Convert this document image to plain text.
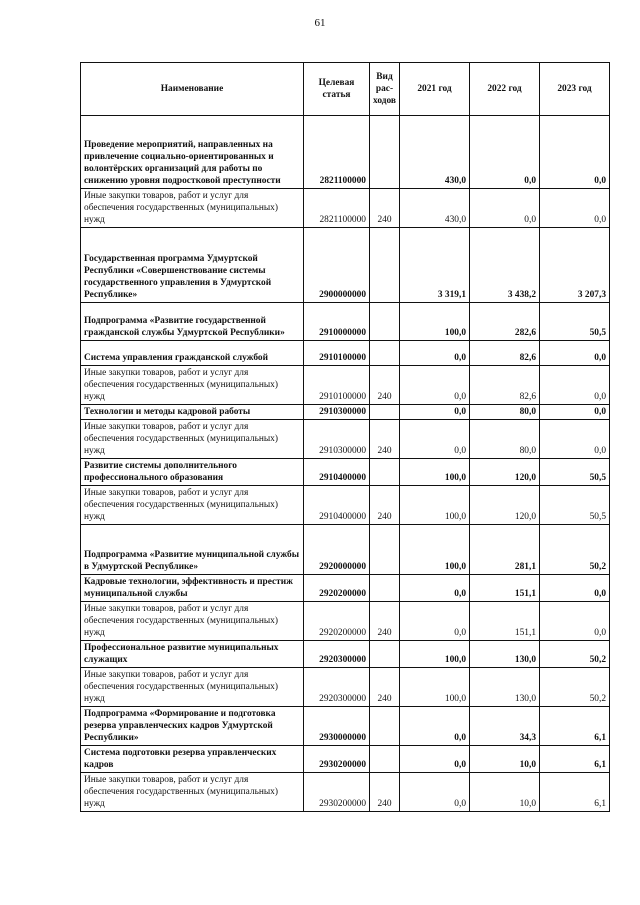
61
Наименование	Целевая статья	Вид рас-ходов	2021 год	2022 год	2023 год
Проведение мероприятий, направленных на привлечение социально-ориентированных и волонтёрских организаций для работы по снижению уровня подростковой преступности	2821100000		430,0	0,0	0,0
Иные закупки товаров, работ и услуг для обеспечения государственных (муниципальных) нужд	2821100000	240	430,0	0,0	0,0
Государственная программа Удмуртской Республики «Совершенствование системы государственного управления в Удмуртской Республике»	2900000000		3 319,1	3 438,2	3 207,3
Подпрограмма «Развитие государственной гражданской службы Удмуртской Республики»	2910000000		100,0	282,6	50,5
Система управления гражданской службой	2910100000		0,0	82,6	0,0
Иные закупки товаров, работ и услуг для обеспечения государственных (муниципальных) нужд	2910100000	240	0,0	82,6	0,0
Технологии и методы кадровой работы	2910300000		0,0	80,0	0,0
Иные закупки товаров, работ и услуг для обеспечения государственных (муниципальных) нужд	2910300000	240	0,0	80,0	0,0
Развитие системы дополнительного профессионального образования	2910400000		100,0	120,0	50,5
Иные закупки товаров, работ и услуг для обеспечения государственных (муниципальных) нужд	2910400000	240	100,0	120,0	50,5
Подпрограмма «Развитие муниципальной службы в Удмуртской Республике»	2920000000		100,0	281,1	50,2
Кадровые технологии, эффективность и престиж муниципальной службы	2920200000		0,0	151,1	0,0
Иные закупки товаров, работ и услуг для обеспечения государственных (муниципальных) нужд	2920200000	240	0,0	151,1	0,0
Профессиональное развитие муниципальных служащих	2920300000		100,0	130,0	50,2
Иные закупки товаров, работ и услуг для обеспечения государственных (муниципальных) нужд	2920300000	240	100,0	130,0	50,2
Подпрограмма «Формирование и подготовка резерва управленческих кадров Удмуртской Республики»	2930000000		0,0	34,3	6,1
Система подготовки резерва управленческих кадров	2930200000		0,0	10,0	6,1
Иные закупки товаров, работ и услуг для обеспечения государственных (муниципальных) нужд	2930200000	240	0,0	10,0	6,1
